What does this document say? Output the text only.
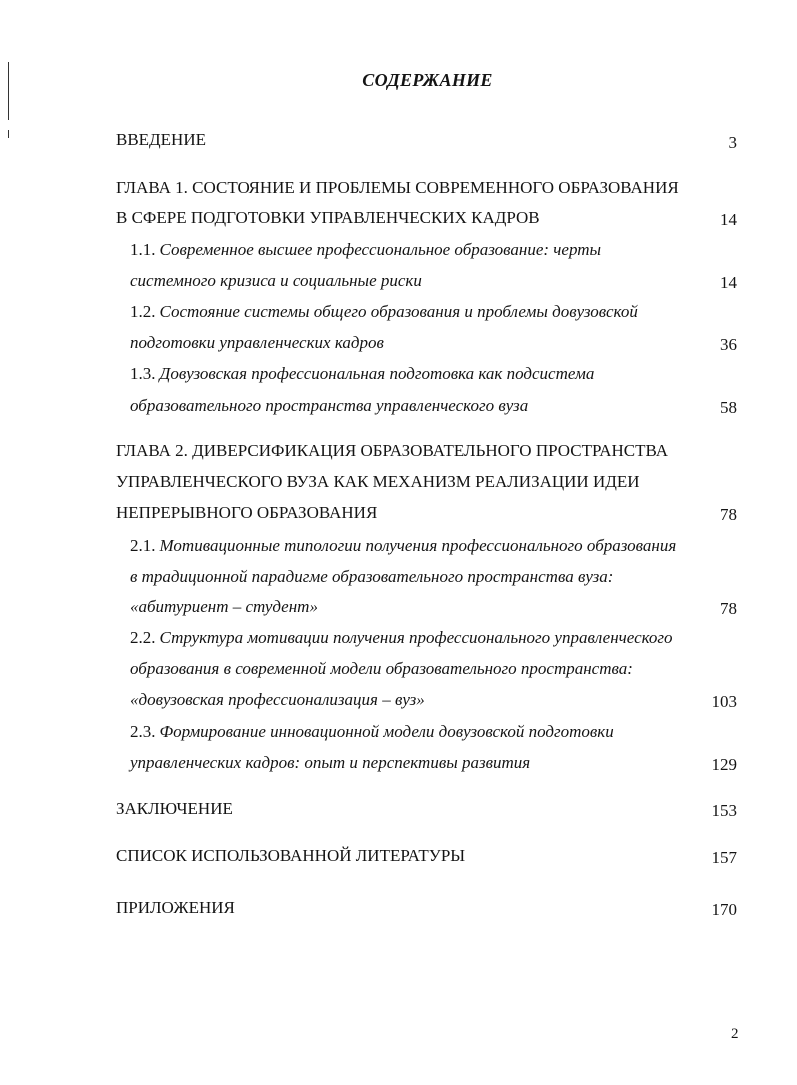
СОДЕРЖАНИЕ
ВВЕДЕНИЕ	3
ГЛАВА 1. СОСТОЯНИЕ И ПРОБЛЕМЫ СОВРЕМЕННОГО ОБРАЗОВАНИЯ
В СФЕРЕ ПОДГОТОВКИ УПРАВЛЕНЧЕСКИХ КАДРОВ	14
1.1. Современное высшее профессиональное образование: черты
системного кризиса и социальные риски	14
1.2. Состояние системы общего образования и проблемы довузовской
подготовки управленческих кадров	36
1.3. Довузовская профессиональная подготовка как подсистема
образовательного пространства управленческого вуза	58
ГЛАВА 2. ДИВЕРСИФИКАЦИЯ ОБРАЗОВАТЕЛЬНОГО ПРОСТРАНСТВА
УПРАВЛЕНЧЕСКОГО ВУЗА КАК МЕХАНИЗМ РЕАЛИЗАЦИИ ИДЕИ
НЕПРЕРЫВНОГО ОБРАЗОВАНИЯ	78
2.1. Мотивационные типологии получения профессионального образования
в традиционной парадигме образовательного пространства вуза:
«абитуриент – студент»	78
2.2. Структура мотивации получения профессионального управленческого
образования в современной модели образовательного пространства:
«довузовская профессионализация – вуз»	103
2.3. Формирование инновационной модели довузовской подготовки
управленческих кадров: опыт и перспективы развития	129
ЗАКЛЮЧЕНИЕ	153
СПИСОК ИСПОЛЬЗОВАННОЙ ЛИТЕРАТУРЫ	157
ПРИЛОЖЕНИЯ	170
2
